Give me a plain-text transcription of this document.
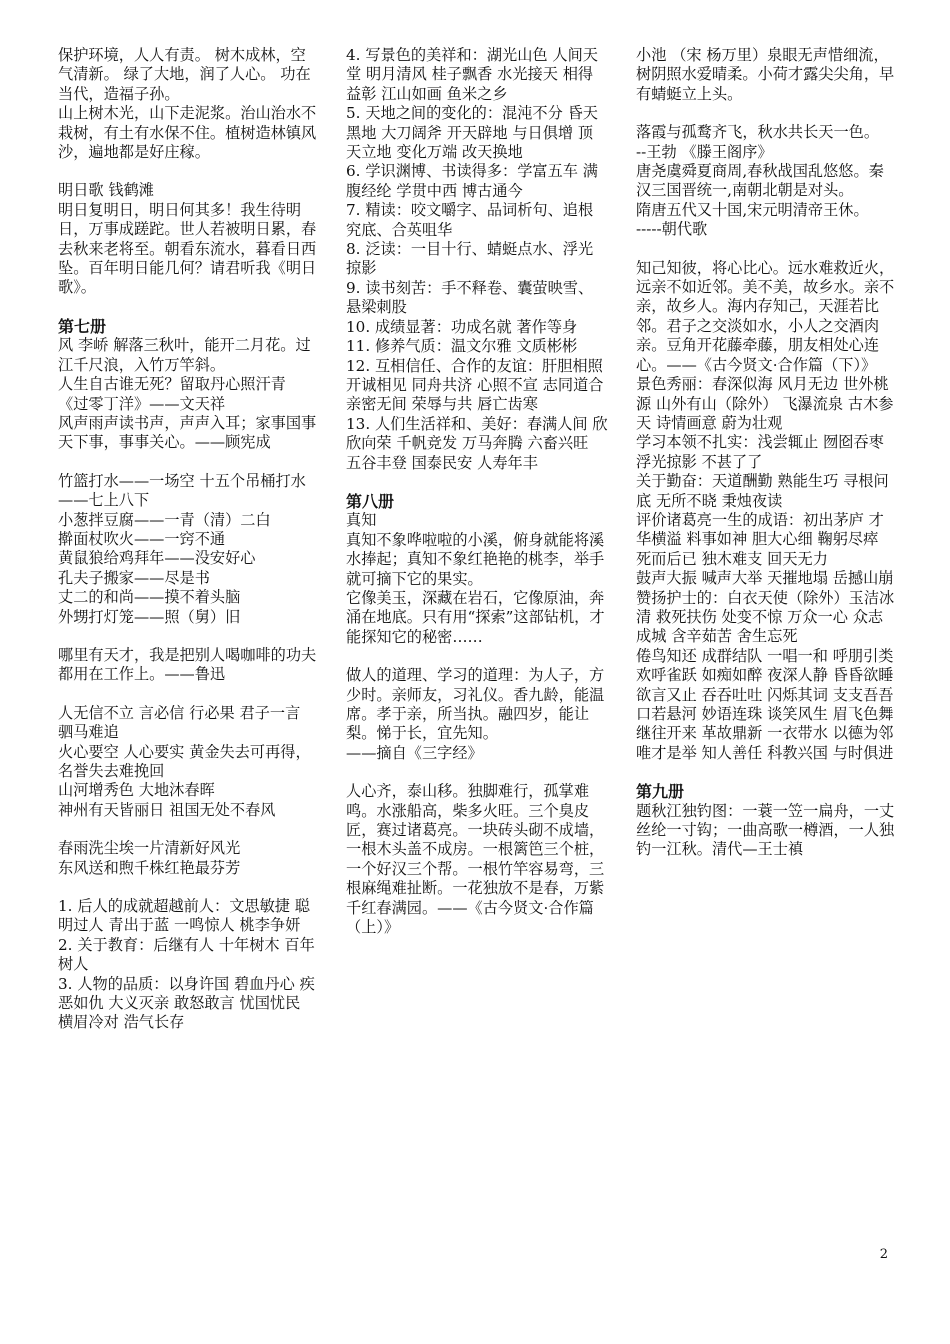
保护环境，人人有责。 树木成林，空气清新。 绿了大地，润了人心。 功在当代，造福子孙。
山上树木光，山下走泥浆。治山治水不栽树，有土有水保不住。植树造林镇风沙，遍地都是好庄稼。
明日歌 钱鹤滩
明日复明日，明日何其多！我生待明日，万事成蹉跎。世人若被明日累，春去秋来老将至。朝看东流水，暮看日西坠。百年明日能几何？请君听我《明日歌》。
第七册
风 李峤 解落三秋叶，能开二月花。过江千尺浪，入竹万竿斜。
人生自古谁无死？留取丹心照汗青 《过零丁洋》——文天祥
风声雨声读书声，声声入耳；家事国事天下事，事事关心。——顾宪成
竹篮打水——一场空 十五个吊桶打水——七上八下
小葱拌豆腐——一青（清）二白
擀面杖吹火——一窍不通
黄鼠狼给鸡拜年——没安好心
孔夫子搬家——尽是书
丈二的和尚——摸不着头脑
外甥打灯笼——照（舅）旧
哪里有天才，我是把别人喝咖啡的功夫都用在工作上。——鲁迅
人无信不立 言必信 行必果 君子一言 驷马难追
火心要空 人心要实 黄金失去可再得，名誉失去难挽回
山河增秀色 大地沐春晖
神州有天皆丽日 祖国无处不春风
春雨洗尘埃一片清新好风光
东风送和煦千株红艳最芬芳
1. 后人的成就超越前人：文思敏捷 聪明过人 青出于蓝 一鸣惊人 桃李争妍
2. 关于教育：后继有人 十年树木 百年树人
3. 人物的品质：以身许国 碧血丹心 疾恶如仇 大义灭亲 敢怒敢言 忧国忧民 横眉冷对 浩气长存
4. 写景色的美祥和：湖光山色 人间天堂 明月清风 桂子飘香 水光接天 相得益彰 江山如画 鱼米之乡
5. 天地之间的变化的：混沌不分 昏天黑地 大刀阔斧 开天辟地 与日俱增 顶天立地 变化万端 改天换地
6. 学识渊博、书读得多：学富五车 满腹经纶 学贯中西 博古通今
7. 精读：咬文嚼字、品词析句、追根究底、合英咀华
8. 泛读：一目十行、蜻蜓点水、浮光掠影
9. 读书刻苦：手不释卷、囊萤映雪、悬梁刺股
10. 成绩显著：功成名就 著作等身
11. 修养气质：温文尔雅 文质彬彬
12. 互相信任、合作的友谊：肝胆相照 开诚相见 同舟共济 心照不宣 志同道合 亲密无间 荣辱与共 唇亡齿寒
13. 人们生活祥和、美好：春满人间 欣欣向荣 千帆竞发 万马奔腾 六畜兴旺 五谷丰登 国泰民安 人寿年丰
第八册
真知
真知不象哗啦啦的小溪，俯身就能将溪水捧起；真知不象红艳艳的桃李，举手就可摘下它的果实。
它像美玉，深藏在岩石，它像原油，奔涌在地底。只有用“探索”这部钻机，才能探知它的秘密……
做人的道理、学习的道理：为人子，方少时。亲师友，习礼仪。香九龄，能温席。孝于亲，所当执。融四岁，能让梨。悌于长，宜先知。
——摘自《三字经》
人心齐，泰山移。独脚难行，孤掌难鸣。水涨船高，柴多火旺。三个臭皮匠，赛过诸葛亮。一块砖头砌不成墙，一根木头盖不成房。一根篱笆三个桩，一个好汉三个帮。一根竹竿容易弯，三根麻绳难扯断。一花独放不是春，万紫千红春满园。——《古今贤文·合作篇（上）》
小池 （宋 杨万里）泉眼无声惜细流，树阴照水爱晴柔。小荷才露尖尖角，早有蜻蜓立上头。
落霞与孤鹜齐飞，秋水共长天一色。
--王勃 《滕王阁序》
唐尧虞舜夏商周,春秋战国乱悠悠。秦汉三国晋统一,南朝北朝是对头。
隋唐五代又十国,宋元明清帝王休。
-----朝代歌
知己知彼，将心比心。远水难救近火，远亲不如近邻。美不美，故乡水。亲不亲，故乡人。海内存知己，天涯若比邻。君子之交淡如水，小人之交酒肉亲。豆角开花藤牵藤，朋友相处心连心。——《古今贤文·合作篇（下）》
景色秀丽：春深似海 风月无边 世外桃源 山外有山（除外） 飞瀑流泉 古木参天 诗情画意 蔚为壮观
学习本领不扎实：浅尝辄止 囫囵吞枣 浮光掠影 不甚了了
关于勤奋：天道酬勤 熟能生巧 寻根问底 无所不晓 秉烛夜读
评价诸葛亮一生的成语：初出茅庐 才华横溢 料事如神 胆大心细 鞠躬尽瘁 死而后已 独木难支 回天无力
鼓声大振 喊声大举 天摧地塌 岳撼山崩
赞扬护士的：白衣天使（除外）玉洁冰清 救死扶伤 处变不惊 万众一心 众志成城 含辛茹苦 舍生忘死
倦鸟知还 成群结队 一唱一和 呼朋引类 欢呼雀跃 如痴如醉 夜深人静 昏昏欲睡
欲言又止 吞吞吐吐 闪烁其词 支支吾吾 口若悬河 妙语连珠 谈笑风生 眉飞色舞
继往开来 革故鼎新 一衣带水 以德为邻 唯才是举 知人善任 科教兴国 与时俱进
第九册
题秋江独钓图：一蓑一笠一扁舟，一丈丝纶一寸钩；一曲高歌一樽酒，一人独钓一江秋。清代—王士禛
2
